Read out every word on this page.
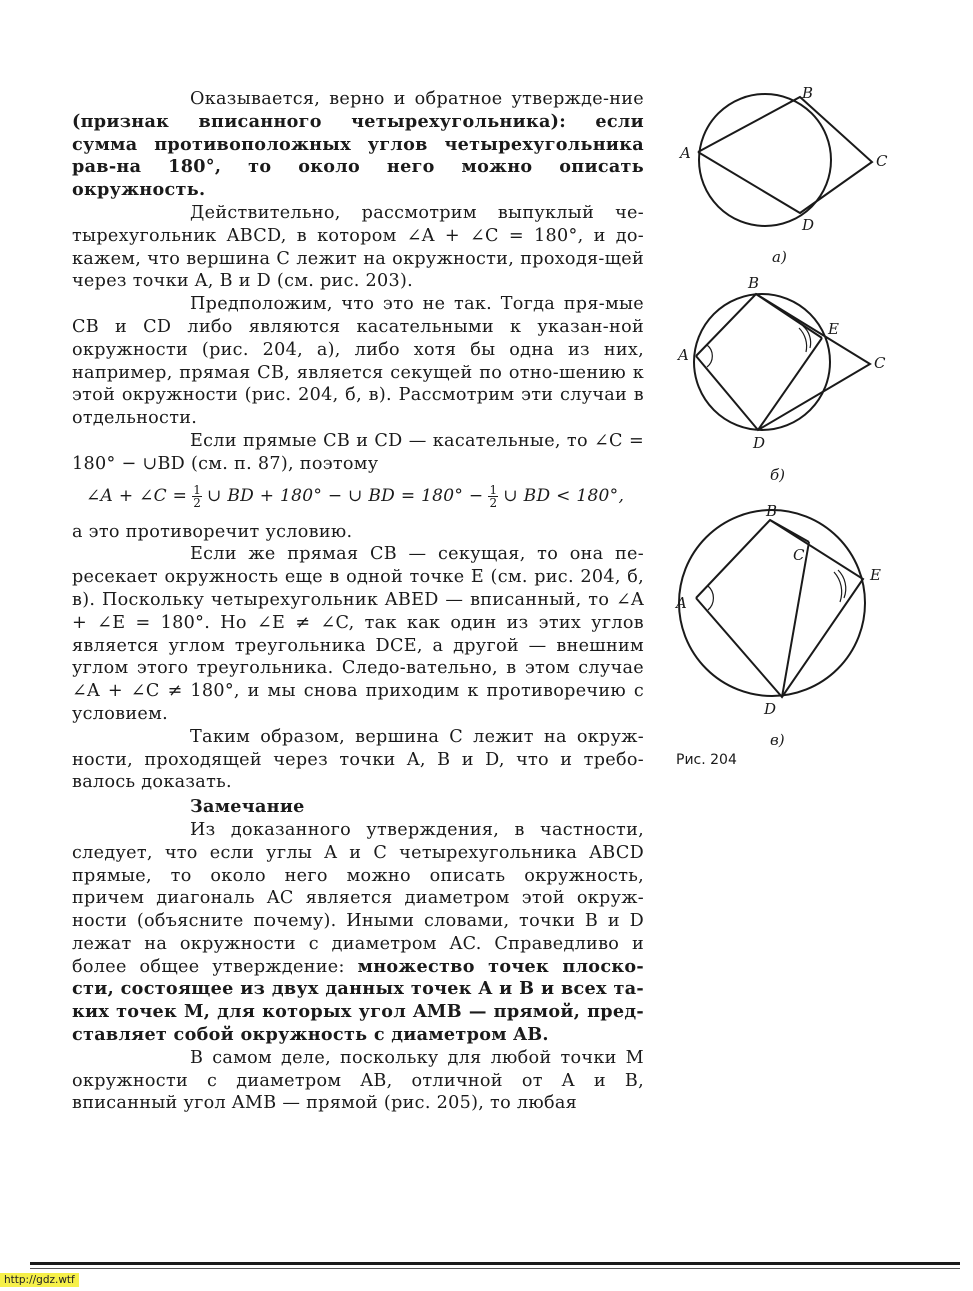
Оказывается, верно и обратное утвержде-ние (признак вписанного четырехугольника): если сумма противоположных углов четырехугольника рав-на 180°, то около него можно описать окружность.

Действительно, рассмотрим выпуклый че-тырехугольник ABCD, в котором ∠A + ∠C = 180°, и до-кажем, что вершина C лежит на окружности, проходя-щей через точки A, B и D (см. рис. 203).

Предположим, что это не так. Тогда пря-мые CB и CD либо являются касательными к указан-ной окружности (рис. 204, а), либо хотя бы одна из них, например, прямая CB, является секущей по отно-шению к этой окружности (рис. 204, б, в). Рассмотрим эти случаи в отдельности.

Если прямые CB и CD — касательные, то ∠C = 180° − ∪BD (см. п. 87), поэтому

∠A + ∠C = $\frac{1}{2}$ ∪ BD + 180° − ∪ BD = $180^\circ - \frac{1}{2}$ ∪ BD < 180°,

а это противоречит условию.

Если же прямая CB — секущая, то она пе-ресекает окружность еще в одной точке E (см. рис. 204, б, в). Поскольку четырехугольник ABED — вписанный, то ∠A + ∠E = 180°. Но ∠E ≠ ∠C, так как один из этих углов является углом треугольника DCE, а другой — внешним углом этого треугольника. Следо-вательно, в этом случае ∠A + ∠C ≠ 180°, и мы снова приходим к противоречию с условием.

Таким образом, вершина C лежит на окруж-ности, проходящей через точки A, B и D, что и требо-валось доказать.

Замечание

Из доказанного утверждения, в частности, следует, что если углы A и C четырехугольника ABCD прямые, то около него можно описать окружность, причем диагональ AC является диаметром этой окруж-ности (объясните почему). Иными словами, точки B и D лежат на окружности с диаметром AC. Справедливо и более общее утверждение: множество точек плоско-сти, состоящее из двух данных точек A и B и всех та-ких точек M, для которых угол AMB — прямой, пред-ставляет собой окружность с диаметром AB.

В самом деле, поскольку для любой точки M окружности с диаметром AB, отличной от A и B, вписанный угол AMB — прямой (рис. 205), то любая

A
B
C
D
а)
A
B
C
D
E
б)
A
B
C
D
E
в)
Рис. 204
http://gdz.wtf
